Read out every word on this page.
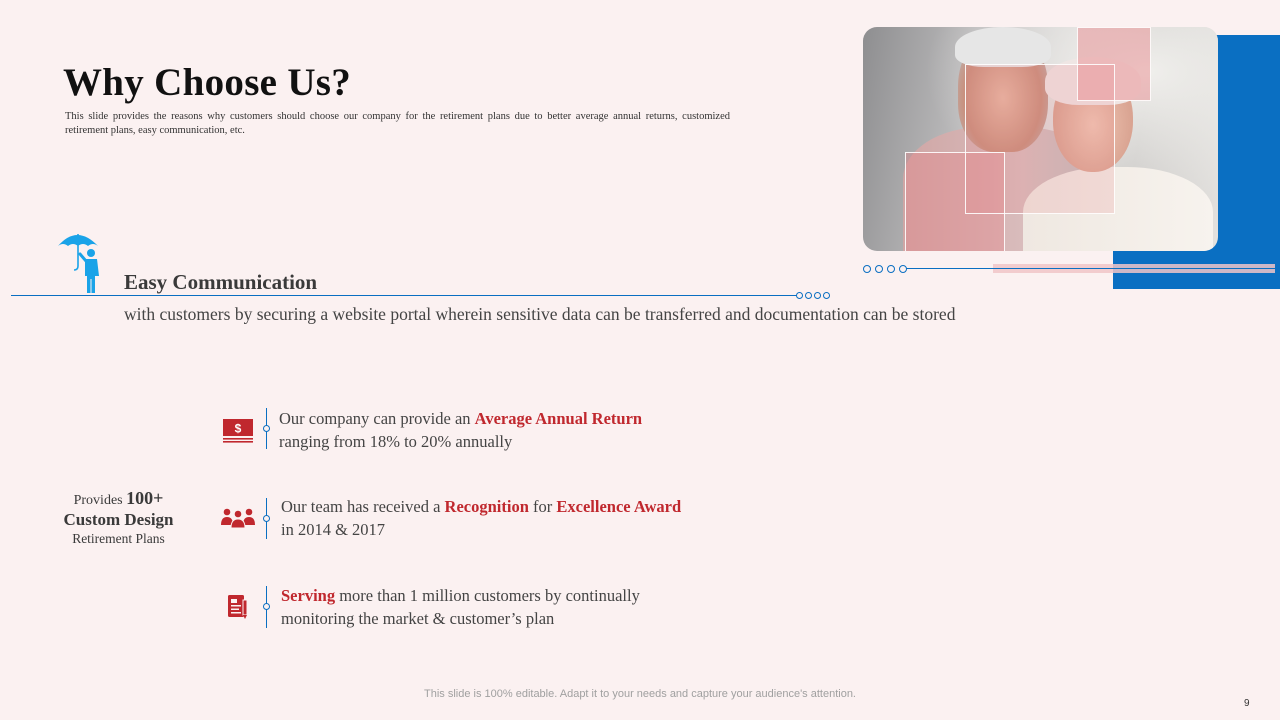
Why Choose Us?
This slide provides the reasons why customers should choose our company for the retirement plans due to better average annual returns, customized retirement plans, easy communication, etc.
Easy Communication
with customers by securing a website portal wherein sensitive data can be transferred and documentation can be stored
Provides 100+
Custom Design
Retirement Plans
$
Our company can provide an Average Annual Return
ranging from 18% to 20% annually
Our team has received a Recognition for Excellence Award
in 2014 & 2017
Serving more than 1 million customers by continually
monitoring the market & customer’s plan
This slide is 100% editable. Adapt it to your needs and capture your audience's attention.
9
